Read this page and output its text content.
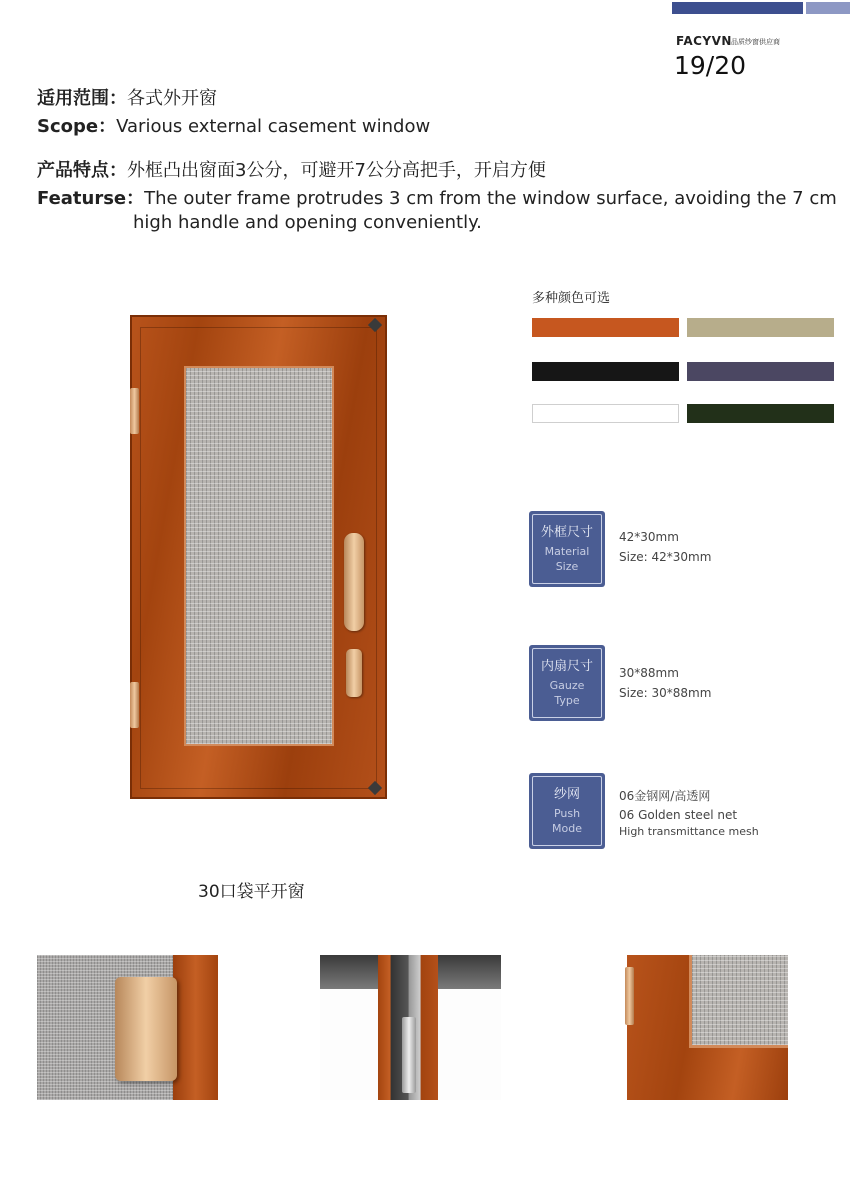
FACYVN 品质纱窗供应商
19/20
适用范围：各式外开窗
Scope：Various external casement window
产品特点：外框凸出窗面3公分，可避开7公分高把手，开启方便
Featurse：The outer frame protrudes 3 cm from the window surface, avoiding the 7 cm
high handle and opening conveniently.
30口袋平开窗
多种颜色可选
外框尺寸
Material
Size
42*30mm
Size: 42*30mm
内扇尺寸
Gauze
Type
30*88mm
Size: 30*88mm
纱网
Push
Mode
06金钢网/高透网
06 Golden steel net
High transmittance mesh
